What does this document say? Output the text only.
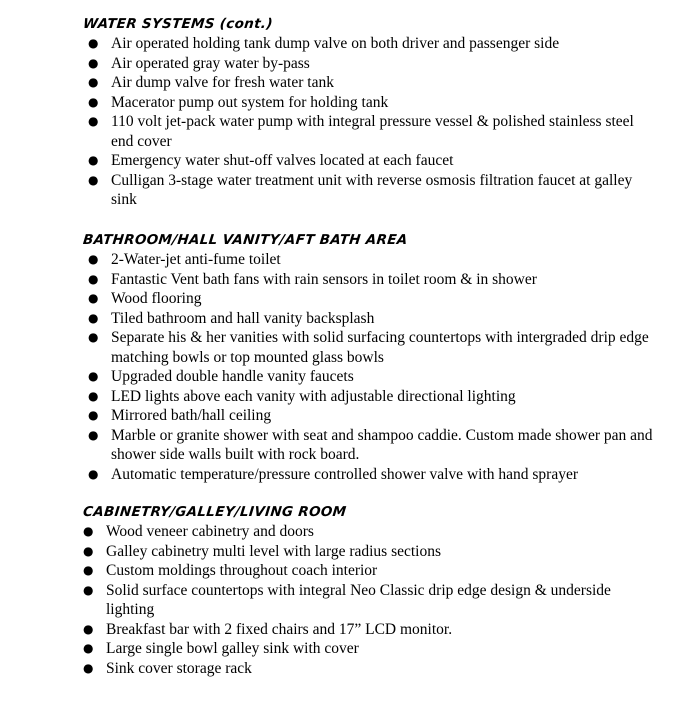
WATER SYSTEMS (cont.)
● Air operated holding tank dump valve on both driver and passenger side
● Air operated gray water by-pass
● Air dump valve for fresh water tank
● Macerator pump out system for holding tank
● 110 volt jet-pack water pump with integral pressure vessel & polished stainless steel end cover
● Emergency water shut-off valves located at each faucet
● Culligan 3-stage water treatment unit with reverse osmosis filtration faucet at galley sink
BATHROOM/HALL VANITY/AFT BATH AREA
● 2-Water-jet anti-fume toilet
● Fantastic Vent bath fans with rain sensors in toilet room & in shower
● Wood flooring
● Tiled bathroom and hall vanity backsplash
● Separate his & her vanities with solid surfacing countertops with intergraded drip edge matching bowls or top mounted glass bowls
● Upgraded double handle vanity faucets
● LED lights above each vanity with adjustable directional lighting
● Mirrored bath/hall ceiling
● Marble or granite shower with seat and shampoo caddie. Custom made shower pan and shower side walls built with rock board.
● Automatic temperature/pressure controlled shower valve with hand sprayer
CABINETRY/GALLEY/LIVING ROOM
● Wood veneer cabinetry and doors
● Galley cabinetry multi level with large radius sections
● Custom moldings throughout coach interior
● Solid surface countertops with integral Neo Classic drip edge design & underside lighting
● Breakfast bar with 2 fixed chairs and 17” LCD monitor.
● Large single bowl galley sink with cover
● Sink cover storage rack
